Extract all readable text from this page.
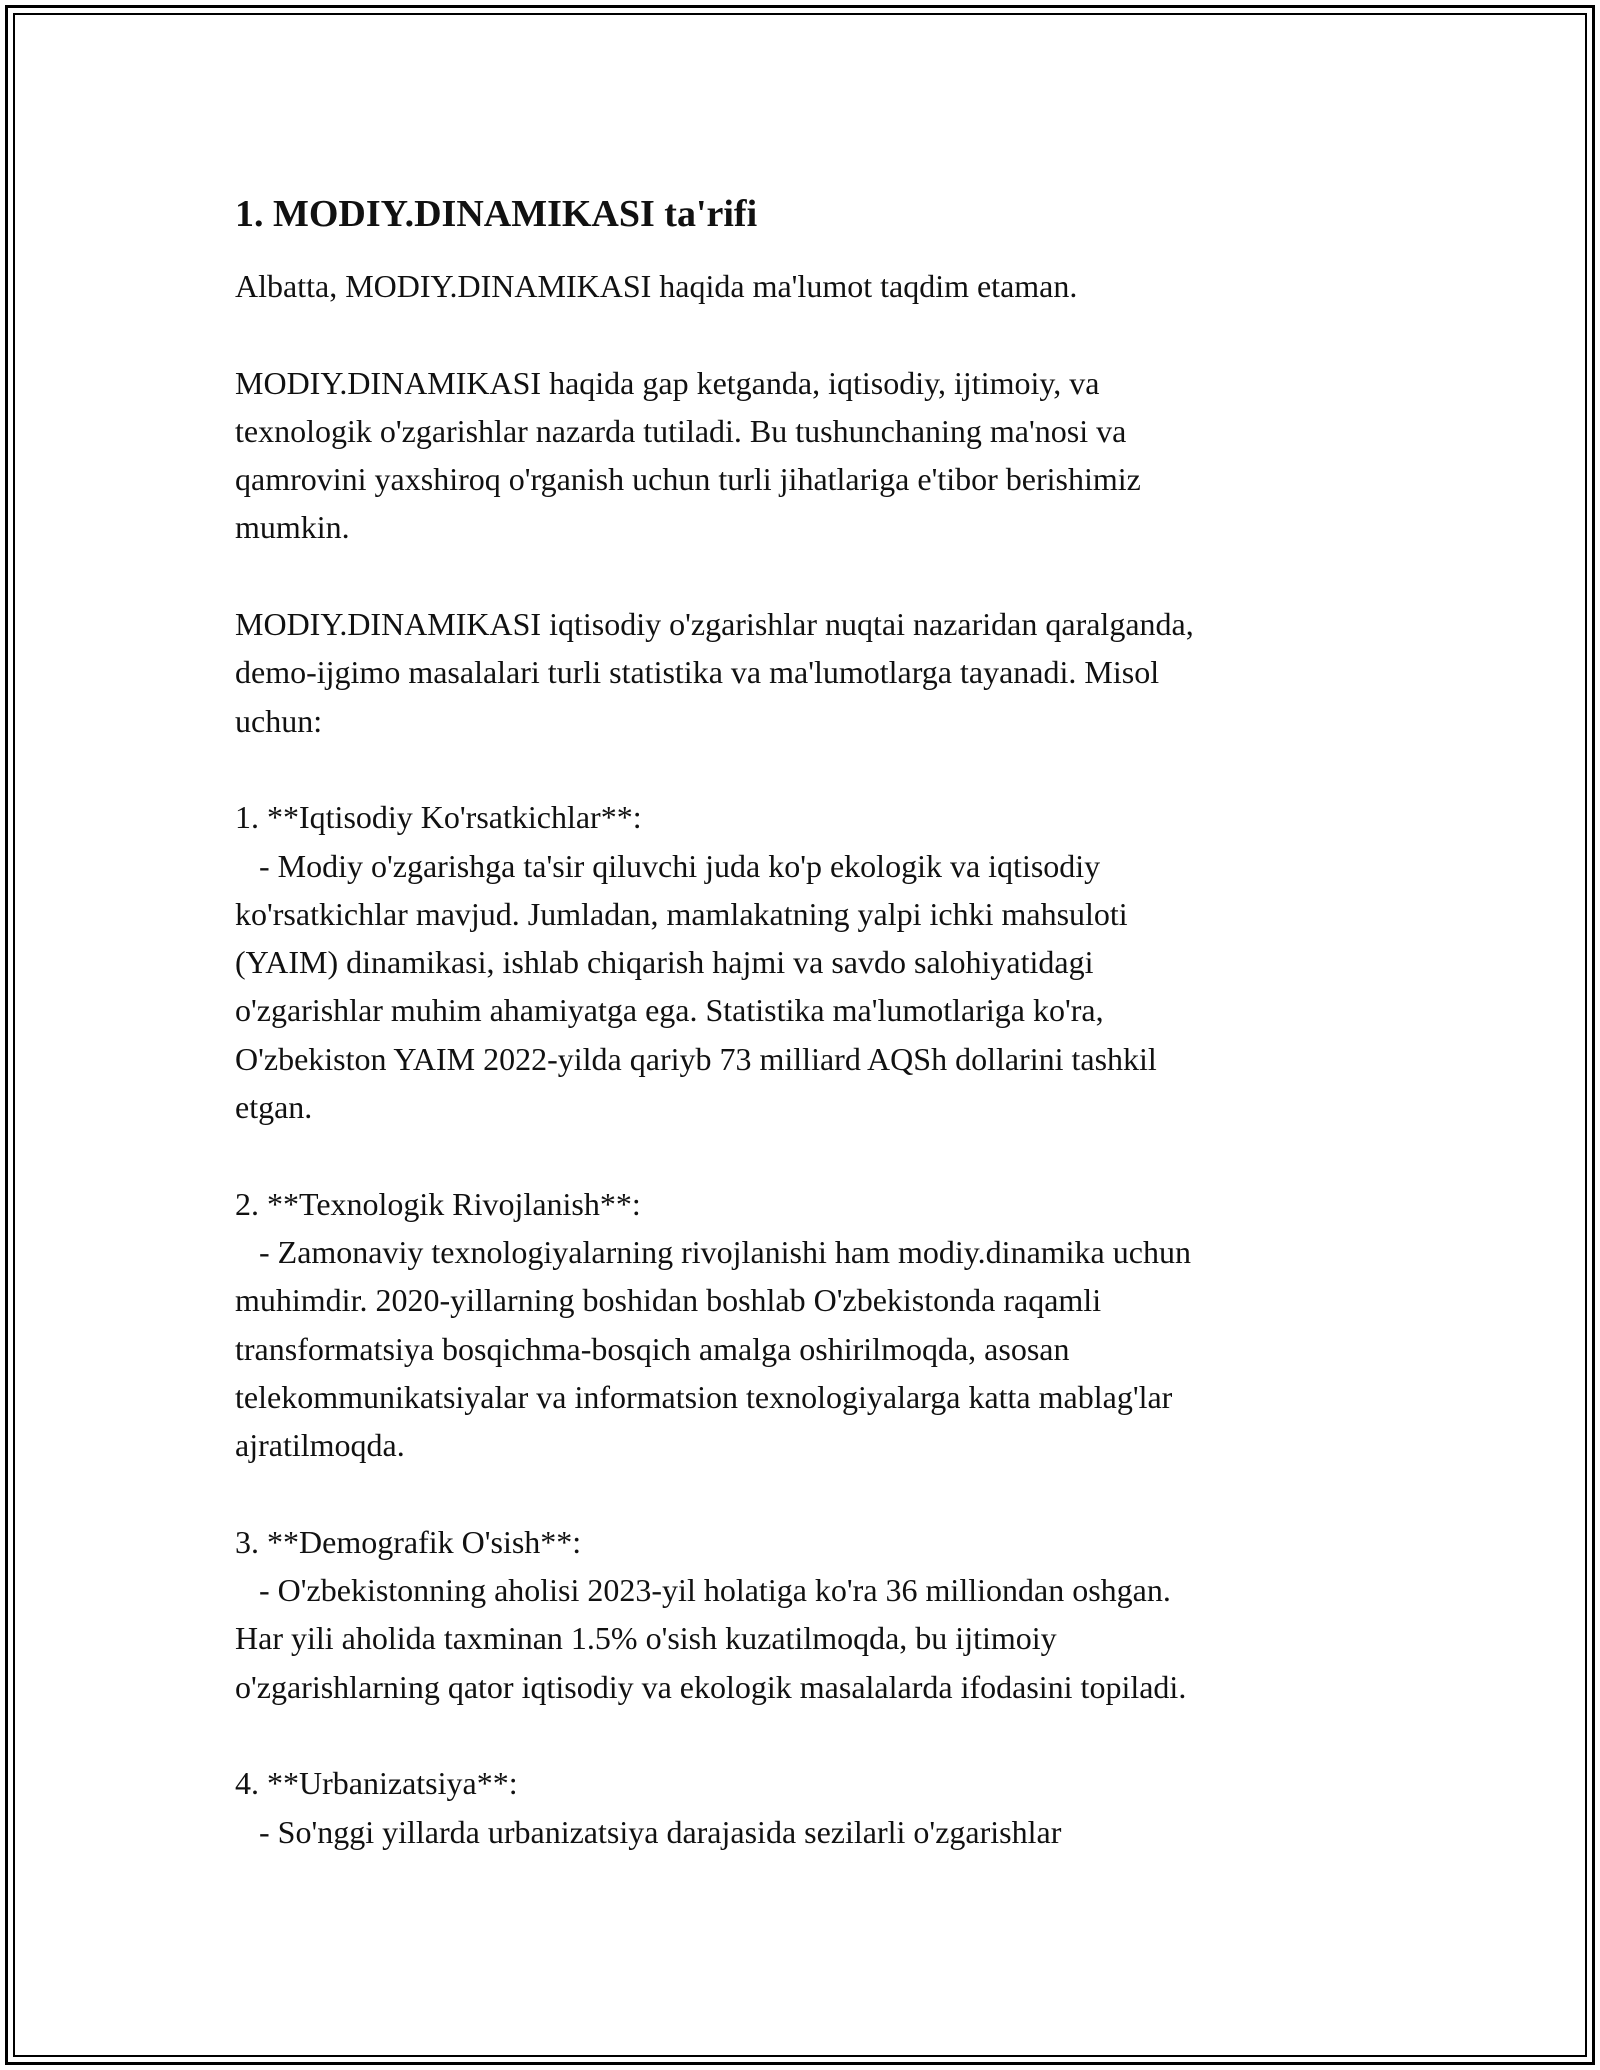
1. MODIY.DINAMIKASI ta'rifi

Albatta, MODIY.DINAMIKASI haqida ma'lumot taqdim etaman.

MODIY.DINAMIKASI haqida gap ketganda, iqtisodiy, ijtimoiy, va
texnologik o'zgarishlar nazarda tutiladi. Bu tushunchaning ma'nosi va
qamrovini yaxshiroq o'rganish uchun turli jihatlariga e'tibor berishimiz
mumkin.

MODIY.DINAMIKASI iqtisodiy o'zgarishlar nuqtai nazaridan qaralganda,
demo-ijgimo masalalari turli statistika va ma'lumotlarga tayanadi. Misol
uchun:

1. **Iqtisodiy Ko'rsatkichlar**:
- Modiy o'zgarishga ta'sir qiluvchi juda ko'p ekologik va iqtisodiy
ko'rsatkichlar mavjud. Jumladan, mamlakatning yalpi ichki mahsuloti
(YAIM) dinamikasi, ishlab chiqarish hajmi va savdo salohiyatidagi
o'zgarishlar muhim ahamiyatga ega. Statistika ma'lumotlariga ko'ra,
O'zbekiston YAIM 2022-yilda qariyb 73 milliard AQSh dollarini tashkil
etgan.

2. **Texnologik Rivojlanish**:
- Zamonaviy texnologiyalarning rivojlanishi ham modiy.dinamika uchun
muhimdir. 2020-yillarning boshidan boshlab O'zbekistonda raqamli
transformatsiya bosqichma-bosqich amalga oshirilmoqda, asosan
telekommunikatsiyalar va informatsion texnologiyalarga katta mablag'lar
ajratilmoqda.

3. **Demografik O'sish**:
- O'zbekistonning aholisi 2023-yil holatiga ko'ra 36 milliondan oshgan.
Har yili aholida taxminan 1.5% o'sish kuzatilmoqda, bu ijtimoiy
o'zgarishlarning qator iqtisodiy va ekologik masalalarda ifodasini topiladi.

4. **Urbanizatsiya**:
- So'nggi yillarda urbanizatsiya darajasida sezilarli o'zgarishlar
